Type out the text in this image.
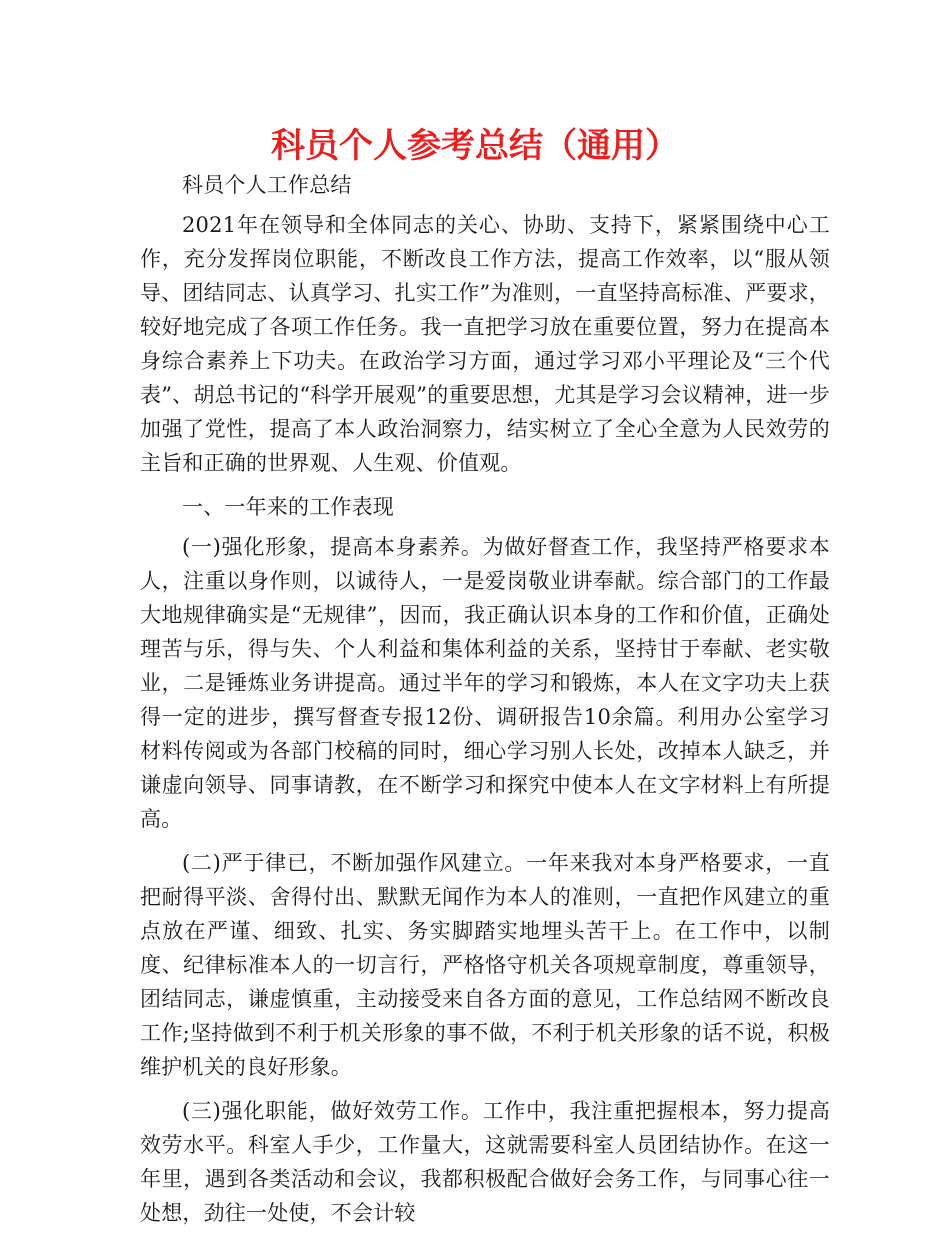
科员个人参考总结（通用）

科员个人工作总结

2021年在领导和全体同志的关心、协助、支持下，紧紧围绕中心工作，充分发挥岗位职能，不断改良工作方法，提高工作效率，以“服从领导、团结同志、认真学习、扎实工作”为准则，一直坚持高标准、严要求，较好地完成了各项工作任务。我一直把学习放在重要位置，努力在提高本身综合素养上下功夫。在政治学习方面，通过学习邓小平理论及“三个代表”、胡总书记的“科学开展观”的重要思想，尤其是学习会议精神，进一步加强了党性，提高了本人政治洞察力，结实树立了全心全意为人民效劳的主旨和正确的世界观、人生观、价值观。

一、一年来的工作表现

(一)强化形象，提高本身素养。为做好督查工作，我坚持严格要求本人，注重以身作则，以诚待人，一是爱岗敬业讲奉献。综合部门的工作最大地规律确实是“无规律”，因而，我正确认识本身的工作和价值，正确处理苦与乐，得与失、个人利益和集体利益的关系，坚持甘于奉献、老实敬业，二是锤炼业务讲提高。通过半年的学习和锻炼，本人在文字功夫上获得一定的进步，撰写督查专报12份、调研报告10余篇。利用办公室学习材料传阅或为各部门校稿的同时，细心学习别人长处，改掉本人缺乏，并谦虚向领导、同事请教，在不断学习和探究中使本人在文字材料上有所提高。

(二)严于律已，不断加强作风建立。一年来我对本身严格要求，一直把耐得平淡、舍得付出、默默无闻作为本人的准则，一直把作风建立的重点放在严谨、细致、扎实、务实脚踏实地埋头苦干上。在工作中，以制度、纪律标准本人的一切言行，严格恪守机关各项规章制度，尊重领导，团结同志，谦虚慎重，主动接受来自各方面的意见，工作总结网不断改良工作;坚持做到不利于机关形象的事不做，不利于机关形象的话不说，积极维护机关的良好形象。

(三)强化职能，做好效劳工作。工作中，我注重把握根本，努力提高效劳水平。科室人手少，工作量大，这就需要科室人员团结协作。在这一年里，遇到各类活动和会议，我都积极配合做好会务工作，与同事心往一处想，劲往一处使，不会计较
